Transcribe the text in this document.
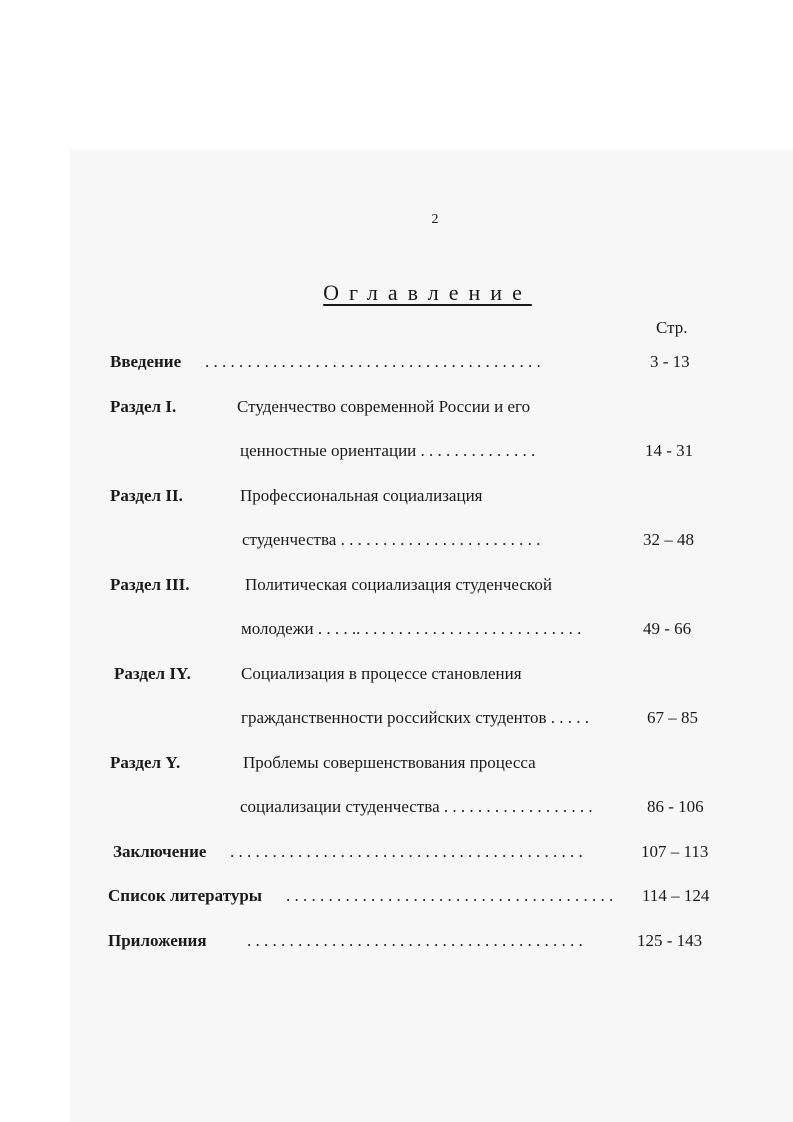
2
Оглавление
Стр.
Введение . . . . . . . . . . . . . . . . . . . . . . . . . . . . . . . . . . . . . . . .	3 - 13
Раздел I.	Студенчество современной России и его
ценностные ориентации . . . . . . . . . . . . . .	14 - 31
Раздел II.	Профессиональная социализация
студенчества . . . . . . . . . . . . . . . . . . . . . . . .	32 – 48
Раздел III.	Политическая социализация студенческой
молодежи . . . . .. . . . . . . . . . . . . . . . . . . . . . . . . . .	49 - 66
Раздел IY.	Социализация в процессе становления
гражданственности российских студентов . . . . .	67 – 85
Раздел Y.	Проблемы совершенствования процесса
социализации студенчества . . . . . . . . . . . . . . . . . .	86 - 106
Заключение . . . . . . . . . . . . . . . . . . . . . . . . . . . . . . . . . . . . . . . . . .	107 – 113
Список литературы . . . . . . . . . . . . . . . . . . . . . . . . . . . . . . . . . . . . . . . 114 – 124
Приложения . . . . . . . . . . . . . . . . . . . . . . . . . . . . . . . . . . . . . . . .	125 - 143
